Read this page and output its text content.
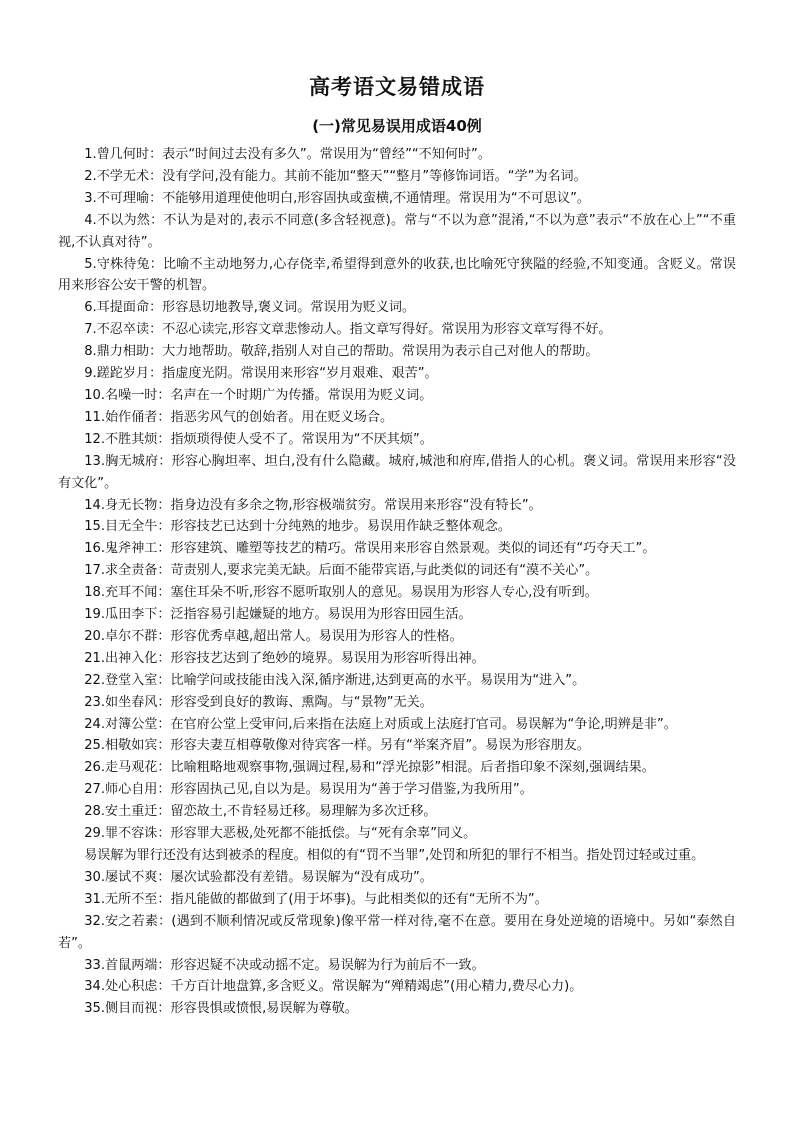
高考语文易错成语
(一)常见易误用成语40例

1.曾几何时：表示“时间过去没有多久”。常误用为“曾经”“不知何时”。

2.不学无术：没有学问,没有能力。其前不能加“整天”“整月”等修饰词语。“学”为名词。

3.不可理喻：不能够用道理使他明白,形容固执或蛮横,不通情理。常误用为“不可思议”。

4.不以为然：不认为是对的,表示不同意(多含轻视意)。常与“不以为意”混淆,“不以为意”表示“不放在心上”“不重视,不认真对待”。

5.守株待兔：比喻不主动地努力,心存侥幸,希望得到意外的收获,也比喻死守狭隘的经验,不知变通。含贬义。常误用来形容公安干警的机智。

6.耳提面命：形容恳切地教导,褒义词。常误用为贬义词。

7.不忍卒读：不忍心读完,形容文章悲惨动人。指文章写得好。常误用为形容文章写得不好。

8.鼎力相助：大力地帮助。敬辞,指别人对自己的帮助。常误用为表示自己对他人的帮助。

9.蹉跎岁月：指虚度光阴。常误用来形容“岁月艰难、艰苦”。

10.名噪一时：名声在一个时期广为传播。常误用为贬义词。

11.始作俑者：指恶劣风气的创始者。用在贬义场合。

12.不胜其烦：指烦琐得使人受不了。常误用为“不厌其烦”。

13.胸无城府：形容心胸坦率、坦白,没有什么隐藏。城府,城池和府库,借指人的心机。褒义词。常误用来形容“没有文化”。

14.身无长物：指身边没有多余之物,形容极端贫穷。常误用来形容“没有特长”。

15.目无全牛：形容技艺已达到十分纯熟的地步。易误用作缺乏整体观念。

16.鬼斧神工：形容建筑、雕塑等技艺的精巧。常误用来形容自然景观。类似的词还有“巧夺天工”。

17.求全责备：苛责别人,要求完美无缺。后面不能带宾语,与此类似的词还有“漠不关心”。

18.充耳不闻：塞住耳朵不听,形容不愿听取别人的意见。易误用为形容人专心,没有听到。

19.瓜田李下：泛指容易引起嫌疑的地方。易误用为形容田园生活。

20.卓尔不群：形容优秀卓越,超出常人。易误用为形容人的性格。

21.出神入化：形容技艺达到了绝妙的境界。易误用为形容听得出神。

22.登堂入室：比喻学问或技能由浅入深,循序渐进,达到更高的水平。易误用为“进入”。

23.如坐春风：形容受到良好的教诲、熏陶。与“景物”无关。

24.对簿公堂：在官府公堂上受审问,后来指在法庭上对质或上法庭打官司。易误解为“争论,明辨是非”。

25.相敬如宾：形容夫妻互相尊敬像对待宾客一样。另有“举案齐眉”。易误为形容朋友。

26.走马观花：比喻粗略地观察事物,强调过程,易和“浮光掠影”相混。后者指印象不深刻,强调结果。

27.师心自用：形容固执己见,自以为是。易误用为“善于学习借鉴,为我所用”。

28.安土重迁：留恋故土,不肯轻易迁移。易理解为多次迁移。

29.罪不容诛：形容罪大恶极,处死都不能抵偿。与“死有余辜”同义。

易误解为罪行还没有达到被杀的程度。相似的有“罚不当罪”,处罚和所犯的罪行不相当。指处罚过轻或过重。

30.屡试不爽：屡次试验都没有差错。易误解为“没有成功”。

31.无所不至：指凡能做的都做到了(用于坏事)。与此相类似的还有“无所不为”。

32.安之若素：(遇到不顺利情况或反常现象)像平常一样对待,毫不在意。要用在身处逆境的语境中。另如“泰然自若”。

33.首鼠两端：形容迟疑不决或动摇不定。易误解为行为前后不一致。

34.处心积虑：千方百计地盘算,多含贬义。常误解为“殚精竭虑”(用心精力,费尽心力)。

35.侧目而视：形容畏惧或愤恨,易误解为尊敬。
